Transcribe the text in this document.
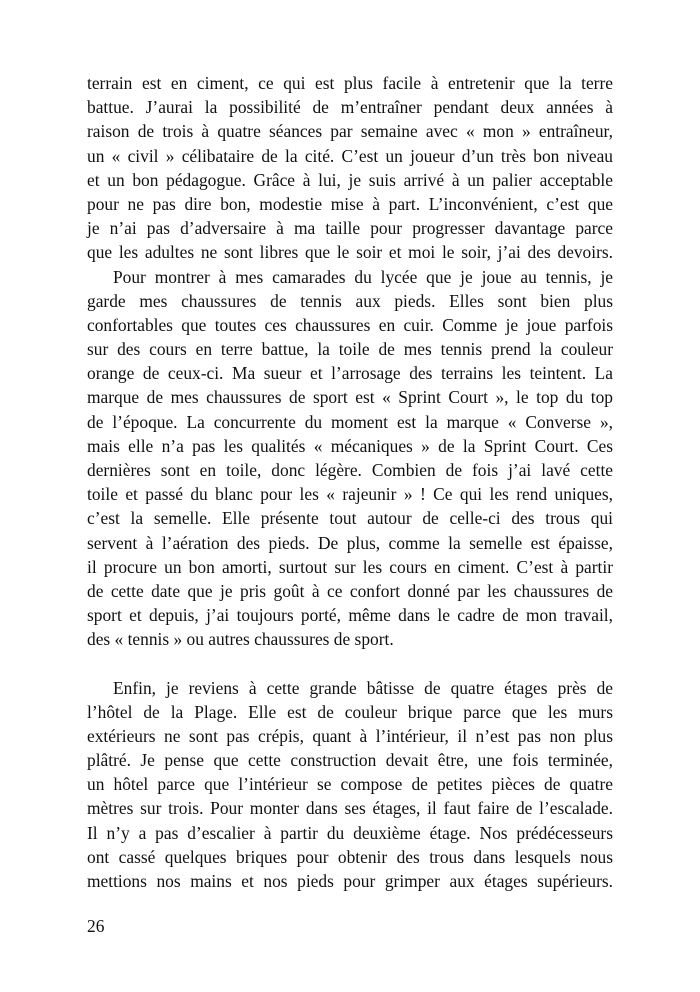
terrain est en ciment, ce qui est plus facile à entretenir que la terre
battue. J’aurai la possibilité de m’entraîner pendant deux années à
raison de trois à quatre séances par semaine avec « mon » entraîneur,
un « civil » célibataire de la cité. C’est un joueur d’un très bon niveau
et un bon pédagogue. Grâce à lui, je suis arrivé à un palier acceptable
pour ne pas dire bon, modestie mise à part. L’inconvénient, c’est que
je n’ai pas d’adversaire à ma taille pour progresser davantage parce
que les adultes ne sont libres que le soir et moi le soir, j’ai des devoirs.
Pour montrer à mes camarades du lycée que je joue au tennis, je
garde mes chaussures de tennis aux pieds. Elles sont bien plus
confortables que toutes ces chaussures en cuir. Comme je joue parfois
sur des cours en terre battue, la toile de mes tennis prend la couleur
orange de ceux-ci. Ma sueur et l’arrosage des terrains les teintent. La
marque de mes chaussures de sport est « Sprint Court », le top du top
de l’époque. La concurrente du moment est la marque « Converse »,
mais elle n’a pas les qualités « mécaniques » de la Sprint Court. Ces
dernières sont en toile, donc légère. Combien de fois j’ai lavé cette
toile et passé du blanc pour les « rajeunir » ! Ce qui les rend uniques,
c’est la semelle. Elle présente tout autour de celle-ci des trous qui
servent à l’aération des pieds. De plus, comme la semelle est épaisse,
il procure un bon amorti, surtout sur les cours en ciment. C’est à partir
de cette date que je pris goût à ce confort donné par les chaussures de
sport et depuis, j’ai toujours porté, même dans le cadre de mon travail,
des « tennis » ou autres chaussures de sport.
Enfin, je reviens à cette grande bâtisse de quatre étages près de
l’hôtel de la Plage. Elle est de couleur brique parce que les murs
extérieurs ne sont pas crépis, quant à l’intérieur, il n’est pas non plus
plâtré. Je pense que cette construction devait être, une fois terminée,
un hôtel parce que l’intérieur se compose de petites pièces de quatre
mètres sur trois. Pour monter dans ses étages, il faut faire de l’escalade.
Il n’y a pas d’escalier à partir du deuxième étage. Nos prédécesseurs
ont cassé quelques briques pour obtenir des trous dans lesquels nous
mettions nos mains et nos pieds pour grimper aux étages supérieurs.
26
